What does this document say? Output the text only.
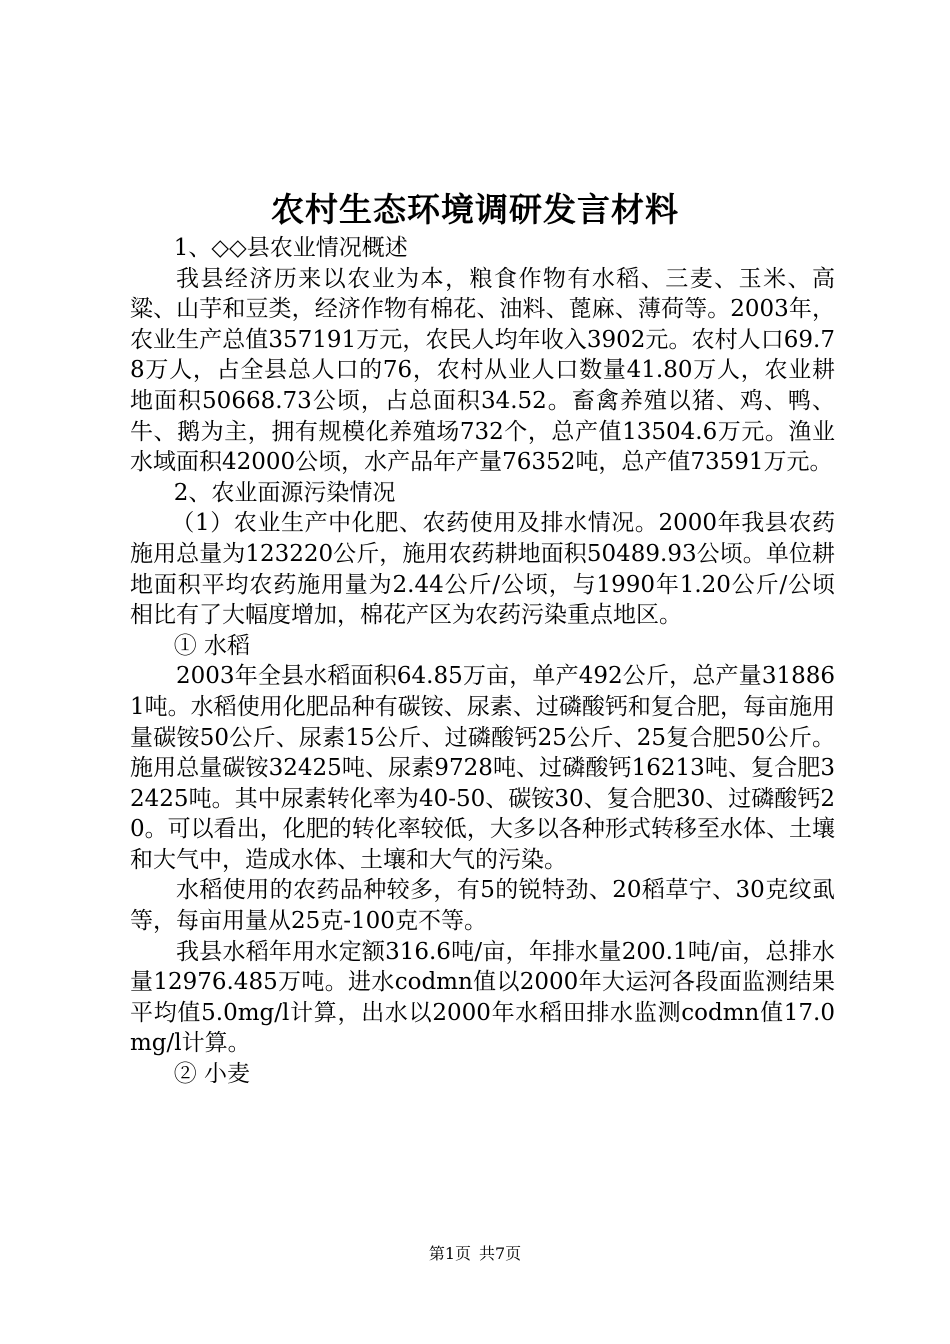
农村生态环境调研发言材料

1、◇◇县农业情况概述

我县经济历来以农业为本，粮食作物有水稻、三麦、玉米、高粱、山芋和豆类，经济作物有棉花、油料、蓖麻、薄荷等。2003年，农业生产总值357191万元，农民人均年收入3902元。农村人口69.78万人，占全县总人口的76，农村从业人口数量41.80万人，农业耕地面积50668.73公顷，占总面积34.52。畜禽养殖以猪、鸡、鸭、牛、鹅为主，拥有规模化养殖场732个，总产值13504.6万元。渔业水域面积42000公顷，水产品年产量76352吨，总产值73591万元。

2、农业面源污染情况

（1）农业生产中化肥、农药使用及排水情况。2000年我县农药施用总量为123220公斤，施用农药耕地面积50489.93公顷。单位耕地面积平均农药施用量为2.44公斤/公顷，与1990年1.20公斤/公顷相比有了大幅度增加，棉花产区为农药污染重点地区。

① 水稻

2003年全县水稻面积64.85万亩，单产492公斤，总产量318861吨。水稻使用化肥品种有碳铵、尿素、过磷酸钙和复合肥，每亩施用量碳铵50公斤、尿素15公斤、过磷酸钙25公斤、25复合肥50公斤。施用总量碳铵32425吨、尿素9728吨、过磷酸钙16213吨、复合肥32425吨。其中尿素转化率为40-50、碳铵30、复合肥30、过磷酸钙20。可以看出，化肥的转化率较低，大多以各种形式转移至水体、土壤和大气中，造成水体、土壤和大气的污染。

水稻使用的农药品种较多，有5的锐特劲、20稻草宁、30克纹虱等，每亩用量从25克-100克不等。

我县水稻年用水定额316.6吨/亩，年排水量200.1吨/亩，总排水量12976.485万吨。进水codmn值以2000年大运河各段面监测结果平均值5.0mg/l计算，出水以2000年水稻田排水监测codmn值17.0mg/l计算。

② 小麦

第1页 共7页
